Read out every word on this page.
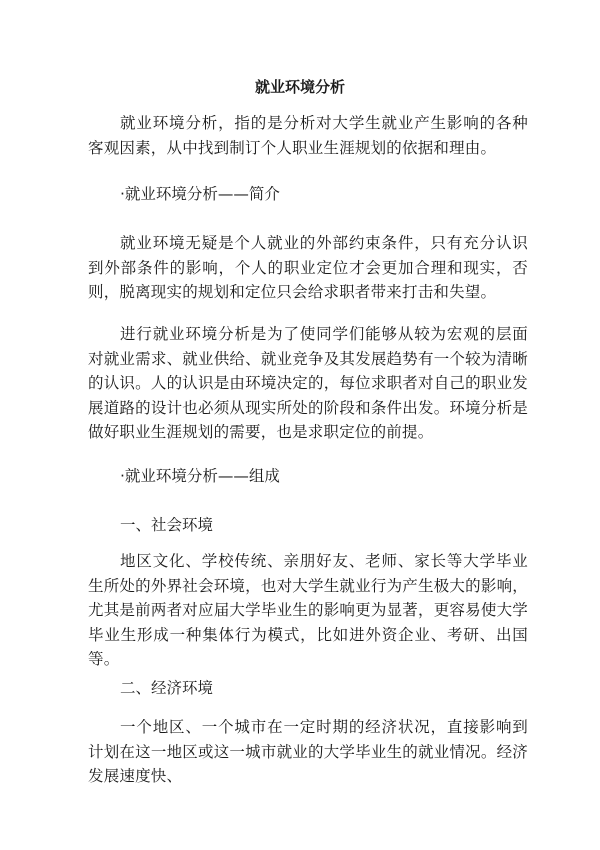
就业环境分析

就业环境分析，指的是分析对大学生就业产生影响的各种客观因素，从中找到制订个人职业生涯规划的依据和理由。

·就业环境分析——简介

就业环境无疑是个人就业的外部约束条件，只有充分认识到外部条件的影响，个人的职业定位才会更加合理和现实，否则，脱离现实的规划和定位只会给求职者带来打击和失望。

进行就业环境分析是为了使同学们能够从较为宏观的层面对就业需求、就业供给、就业竞争及其发展趋势有一个较为清晰的认识。人的认识是由环境决定的，每位求职者对自己的职业发展道路的设计也必须从现实所处的阶段和条件出发。环境分析是做好职业生涯规划的需要，也是求职定位的前提。

·就业环境分析——组成

一、社会环境

地区文化、学校传统、亲朋好友、老师、家长等大学毕业生所处的外界社会环境，也对大学生就业行为产生极大的影响，尤其是前两者对应届大学毕业生的影响更为显著，更容易使大学毕业生形成一种集体行为模式，比如进外资企业、考研、出国等。

二、经济环境

一个地区、一个城市在一定时期的经济状况，直接影响到计划在这一地区或这一城市就业的大学毕业生的就业情况。经济发展速度快、
